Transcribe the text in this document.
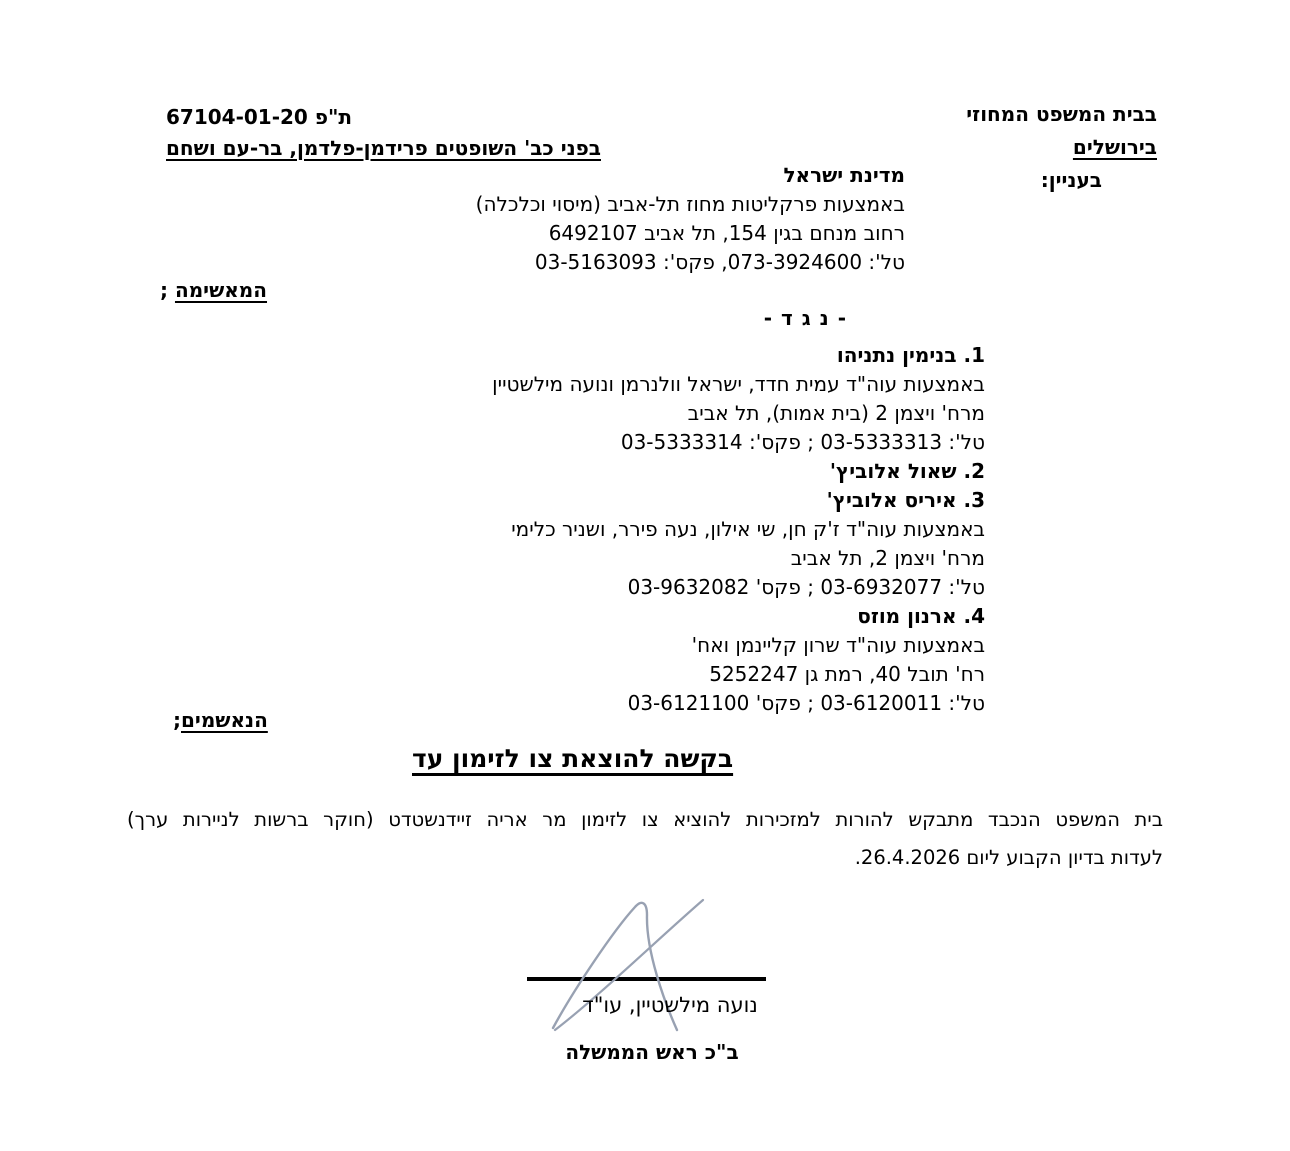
בבית המשפט המחוזי
בירושלים
בעניין:
ת"פ 67104-01-20
בפני כב' השופטים פרידמן-פלדמן, בר-עם ושחם
מדינת ישראל
באמצעות פרקליטות מחוז תל-אביב (מיסוי וכלכלה)
רחוב מנחם בגין 154, תל אביב 6492107
טל': 073-3924600, פקס': 03-5163093
המאשימה ;
- נ ג ד -
1. בנימין נתניהו
באמצעות עוה"ד עמית חדד, ישראל וולנרמן ונועה מילשטיין
מרח' ויצמן 2 (בית אמות), תל אביב
טל': 03-5333313 ; פקס': 03-5333314
2. שאול אלוביץ'
3. איריס אלוביץ'
באמצעות עוה"ד ז'ק חן, שי אילון, נעה פירר, ושניר כלימי
מרח' ויצמן 2, תל אביב
טל': 03-6932077 ; פקס' 03-9632082
4. ארנון מוזס
באמצעות עוה"ד שרון קליינמן ואח'
רח' תובל 40, רמת גן 5252247
טל': 03-6120011 ; פקס' 03-6121100
הנאשמים;
בקשה להוצאת צו לזימון עד
בית המשפט הנכבד מתבקש להורות למזכירות להוציא צו לזימון מר אריה זיידנשטדט (חוקר ברשות לניירות ערך)
לעדות בדיון הקבוע ליום 26.4.2026.
נועה מילשטיין, עו"ד
ב"כ ראש הממשלה
